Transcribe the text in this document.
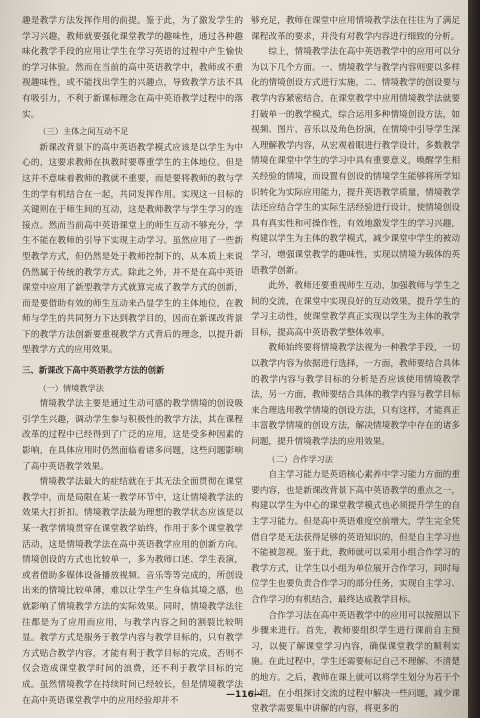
趣是教学方法发挥作用的前提。鉴于此，为了激发学生的学习兴趣，教师就要强化课堂教学的趣味性，通过各种趣味化教学手段的应用让学生在学习英语的过程中产生愉快的学习体验。然而在当前的高中英语教学中，教师或不重视趣味性，或不能找出学生的兴趣点，导致教学方法不具有吸引力，不利于新课标理念在高中英语教学过程中的落实。

（三）主体之间互动不足

新课改背景下的高中英语教学模式应该是以学生为中心的，这要求教师在执教时要尊重学生的主体地位。但是这并不意味着教师的教就不重要，而是要将教师的教与学生的学有机结合在一起，共同发挥作用。实现这一目标的关键则在于师生间的互动，这是教师教学与学生学习的连接点。然而当前高中英语课堂上的师生互动不够充分，学生不能在教师的引导下实现主动学习。虽然应用了一些新型教学方式，但仍然是处于教师控制下的，从本质上来说仍然属于传统的教学方式。除此之外，并不是在高中英语课堂中应用了新型教学方式就算完成了教学方式的创新，而是要借助有效的师生互动来凸显学生的主体地位，在教师与学生的共同努力下达到教学目的，因而在新课改背景下的教学方法创新要重视教学方式背后的理念，以提升新型教学方式的应用效果。

三、新课改下高中英语教学方法的创新

（一）情境教学法

情境教学法主要是通过生动可感的教学情境的创设吸引学生兴趣，调动学生参与积极性的教学方法，其在课程改革的过程中已经得到了广泛的应用，这是受多种因素的影响，在具体应用时仍然面临着诸多问题，这些问题影响了高中英语教学效果。

情境教学法最大的症结就在于其无法全面贯彻在课堂教学中，而是局限在某一教学环节中，这让情境教学法的效果大打折扣。情境教学法最为理想的教学状态应该是以某一教学情境贯穿在课堂教学始终，作用于多个课堂教学活动，这是情境教学法在高中英语教学应用的创新方向。情境创设的方式也比较单一，多为教师口述、学生表演，或者借助多媒体设备播放视频、音乐等等完成的，所创设出来的情境比较单薄，难以让学生产生身临其境之感，也就影响了情境教学方法的实际效果。同时，情境教学法往往都是为了应用而应用，与教学内容之间的割裂比较明显。教学方式是服务于教学内容与教学目标的，只有教学方式贴合教学内容，才能有利于教学目标的完成，否则不仅会造成课堂教学时间的浪费，还不利于教学目标的完成。虽然情境教学在持续时间已经较长，但是情境教学法在高中英语课堂教学中的应用经验却并不

够充足，教师在课堂中应用情境教学法在往往为了满足课程改革的要求，并没有对教学内容进行细致的分析。

综上，情境教学法在高中英语教学中的应用可以分为以下几个方面。一、情境教学与教学内容则要以多样化的情境创设方式进行实施，二、情境教学的创设要与教学内容紧密结合，在课堂教学中应用情境教学法就要打破单一的教学模式，综合运用多种情境创设方法，如视频、图片、音乐以及角色扮演，在情境中引导学生深入理解教学内容，从宏观着眼进行教学设计，多数教学情境在课堂中学生的学习中具有重要意义，唤醒学生相关经验的情境，而设置有创设的情境学生能够将所学知识转化为实际应用能力，提升英语教学质量，情境教学法还应结合学生的实际生活经验进行设计，使情境创设具有真实性和可操作性，有效地激发学生的学习兴趣，构建以学生为主体的教学模式，减少课堂中学生的被动学习，增强课堂教学的趣味性，实现以情境为载体的英语教学创新。

此外，教师还要重视师生互动，加强教师与学生之间的交流，在课堂中实现良好的互动效果，提升学生的学习主动性，使课堂教学真正实现以学生为主体的教学目标，提高高中英语教学整体效率。

教师始终要将情境教学法视为一种教学手段，一切以教学内容为依据进行选择，一方面，教师要结合具体的教学内容与教学目标的分析是否应该使用情境教学法，另一方面，教师要结合具体的教学内容与教学目标来合理选用教学情境的创设方法，只有这样，才能真正丰富教学情境的创设方法，解决情境教学中存在的诸多问题，提升情境教学法的应用效果。

（二）合作学习法

自主学习能力是英语核心素养中学习能力方面的重要内容，也是新课改背景下高中英语教学的重点之一，构建以学生为中心的课堂教学模式也必须提升学生的自主学习能力。但是高中英语难度空前增大，学生完全凭借自学是无法获得足够的英语知识的，但是自主学习也不能被忽视。鉴于此，教师就可以采用小组合作学习的教学方式，让学生以小组为单位展开合作学习，同时每位学生也要负责合作学习的部分任务，实现自主学习、合作学习的有机结合，最终达成教学目标。

合作学习法在高中英语教学中的应用可以按照以下步骤来进行。首先，教师要组织学生进行课前自主预习，以便了解课堂学习内容，确保课堂教学的顺利实施。在此过程中，学生还需要标记自己不理解、不清楚的地方。之后，教师在课上就可以将学生划分为若干个小组，在小组探讨交流的过程中解决一些问题，减少课堂教学需要集中讲解的内容，将更多的

—116—
